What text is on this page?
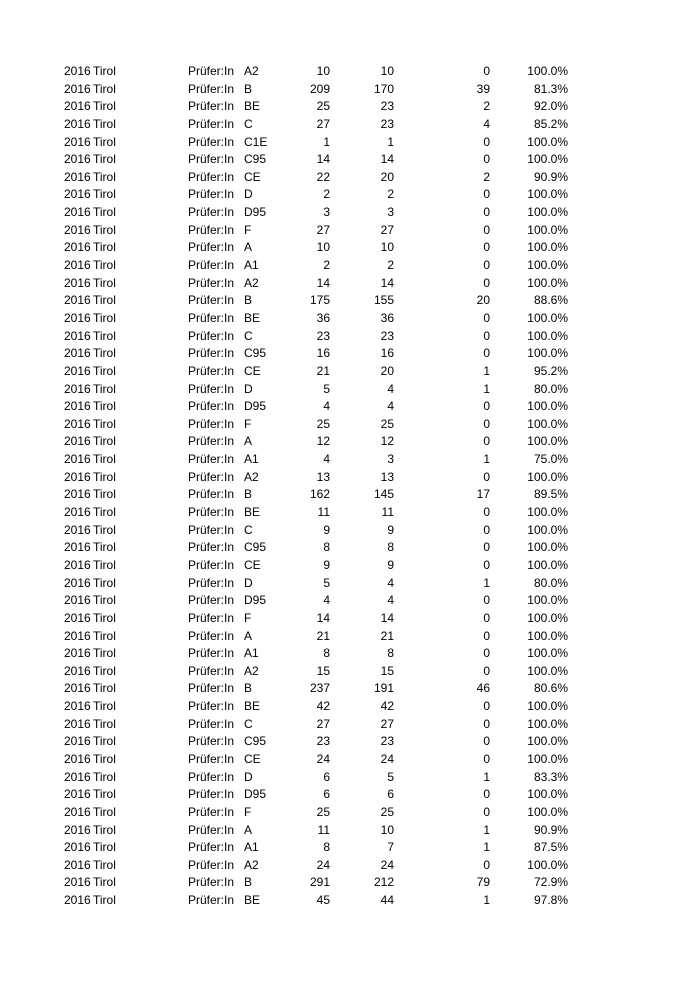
2016 Tirol	Prüfer:In A2	10	10	0	100.0%
2016 Tirol	Prüfer:In B	209	170	39	81.3%
2016 Tirol	Prüfer:In BE	25	23	2	92.0%
2016 Tirol	Prüfer:In C	27	23	4	85.2%
2016 Tirol	Prüfer:In C1E	1	1	0	100.0%
2016 Tirol	Prüfer:In C95	14	14	0	100.0%
2016 Tirol	Prüfer:In CE	22	20	2	90.9%
2016 Tirol	Prüfer:In D	2	2	0	100.0%
2016 Tirol	Prüfer:In D95	3	3	0	100.0%
2016 Tirol	Prüfer:In F	27	27	0	100.0%
2016 Tirol	Prüfer:In A	10	10	0	100.0%
2016 Tirol	Prüfer:In A1	2	2	0	100.0%
2016 Tirol	Prüfer:In A2	14	14	0	100.0%
2016 Tirol	Prüfer:In B	175	155	20	88.6%
2016 Tirol	Prüfer:In BE	36	36	0	100.0%
2016 Tirol	Prüfer:In C	23	23	0	100.0%
2016 Tirol	Prüfer:In C95	16	16	0	100.0%
2016 Tirol	Prüfer:In CE	21	20	1	95.2%
2016 Tirol	Prüfer:In D	5	4	1	80.0%
2016 Tirol	Prüfer:In D95	4	4	0	100.0%
2016 Tirol	Prüfer:In F	25	25	0	100.0%
2016 Tirol	Prüfer:In A	12	12	0	100.0%
2016 Tirol	Prüfer:In A1	4	3	1	75.0%
2016 Tirol	Prüfer:In A2	13	13	0	100.0%
2016 Tirol	Prüfer:In B	162	145	17	89.5%
2016 Tirol	Prüfer:In BE	11	11	0	100.0%
2016 Tirol	Prüfer:In C	9	9	0	100.0%
2016 Tirol	Prüfer:In C95	8	8	0	100.0%
2016 Tirol	Prüfer:In CE	9	9	0	100.0%
2016 Tirol	Prüfer:In D	5	4	1	80.0%
2016 Tirol	Prüfer:In D95	4	4	0	100.0%
2016 Tirol	Prüfer:In F	14	14	0	100.0%
2016 Tirol	Prüfer:In A	21	21	0	100.0%
2016 Tirol	Prüfer:In A1	8	8	0	100.0%
2016 Tirol	Prüfer:In A2	15	15	0	100.0%
2016 Tirol	Prüfer:In B	237	191	46	80.6%
2016 Tirol	Prüfer:In BE	42	42	0	100.0%
2016 Tirol	Prüfer:In C	27	27	0	100.0%
2016 Tirol	Prüfer:In C95	23	23	0	100.0%
2016 Tirol	Prüfer:In CE	24	24	0	100.0%
2016 Tirol	Prüfer:In D	6	5	1	83.3%
2016 Tirol	Prüfer:In D95	6	6	0	100.0%
2016 Tirol	Prüfer:In F	25	25	0	100.0%
2016 Tirol	Prüfer:In A	11	10	1	90.9%
2016 Tirol	Prüfer:In A1	8	7	1	87.5%
2016 Tirol	Prüfer:In A2	24	24	0	100.0%
2016 Tirol	Prüfer:In B	291	212	79	72.9%
2016 Tirol	Prüfer:In BE	45	44	1	97.8%
